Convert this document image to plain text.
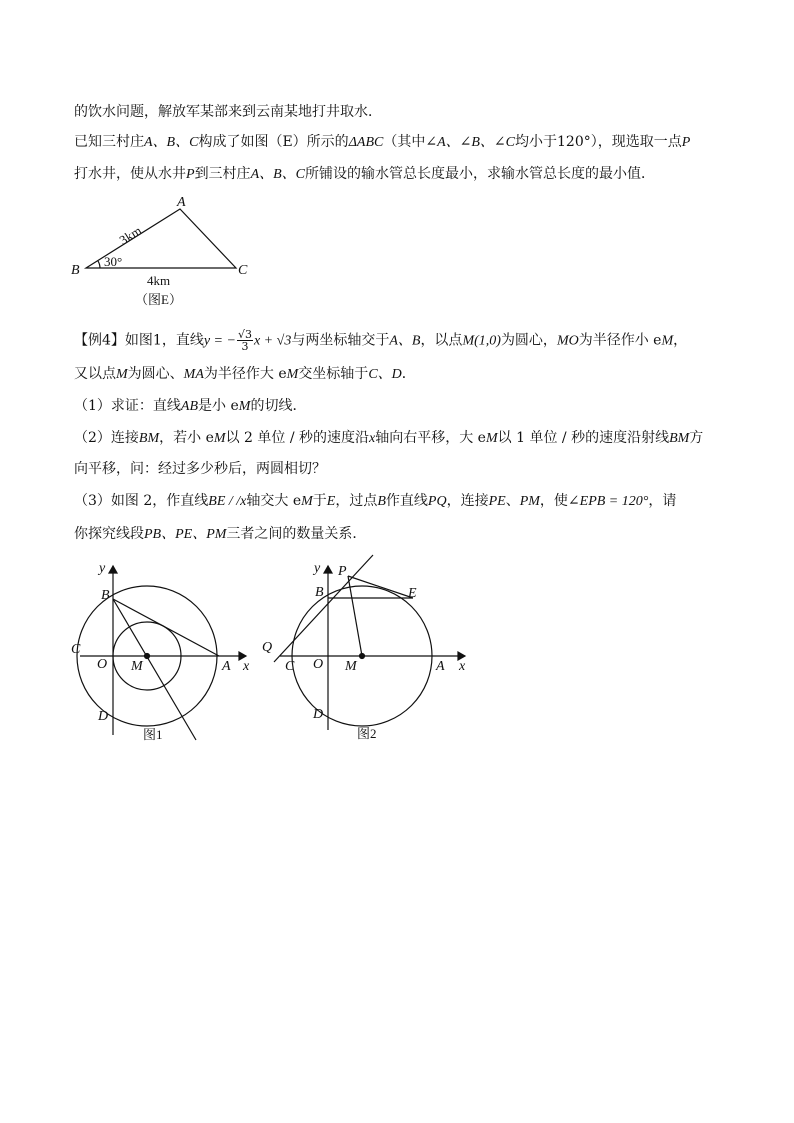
的饮水问题，解放军某部来到云南某地打井取水．
已知三村庄A、B、C构成了如图（E）所示的ΔABC（其中∠A、∠B、∠C均小于120°），现选取一点P
打水井，使从水井P到三村庄A、B、C所铺设的输水管总长度最小，求输水管总长度的最小值．
【例4】如图1，直线y = − $\frac{√3}{3}$ x + √3与两坐标轴交于A、B，以点M(1,0)为圆心，MO为半径作小 eM，
又以点M为圆心、MA为半径作大 eM交坐标轴于C、D．
（1）求证：直线AB是小 eM的切线．
（2）连接BM，若小 eM以 2 单位 / 秒的速度沿x轴向右平移，大 eM以 1 单位 / 秒的速度沿射线BM方
向平移，问：经过多少秒后，两圆相切？
（3）如图 2，作直线BE / /x轴交大 eM于E，过点B作直线PQ，连接PE、PM，使∠EPB = 120°，请
你探究线段PB、PE、PM三者之间的数量关系．
A
B	C
3km
30°
4km
（图E）
y
B
C
O M	A x
D
图1
y P
B	E
Q
C O M	A x
D
图2
